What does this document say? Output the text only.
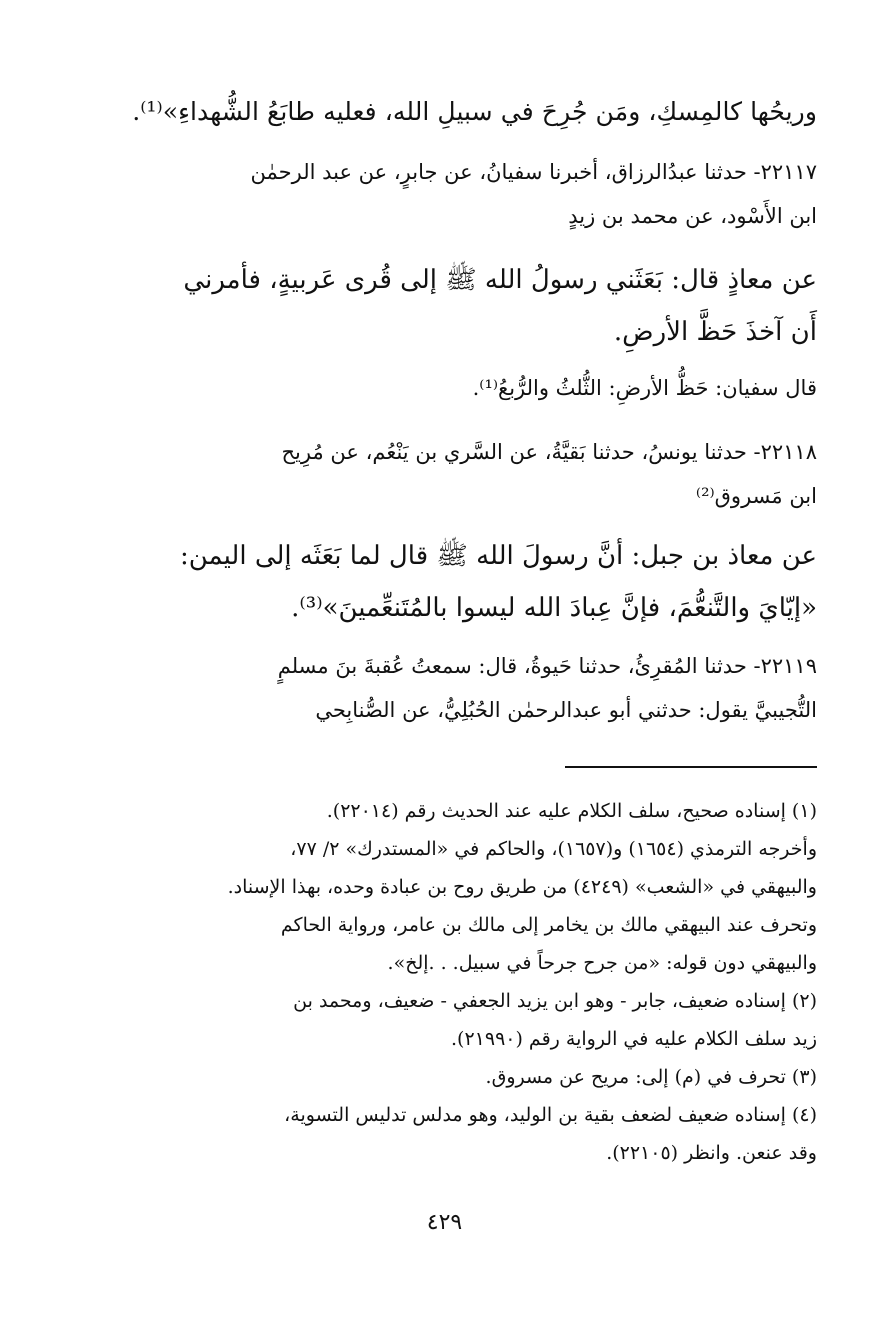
وريحُها كالمِسكِ، ومَن جُرِحَ في سبيلِ الله، فعليه طابَعُ الشُّهداءِ»⁽¹⁾.
٢٢١١٧- حدثنا عبدُالرزاق، أخبرنا سفيانُ، عن جابرٍ، عن عبد الرحمٰن
ابن الأَسْود، عن محمد بن زيدٍ
عن معاذٍ قال: بَعَثَني رسولُ الله ﷺ إلى قُرى عَربيةٍ، فأمرني
أَن آخذَ حَظَّ الأرضِ.
قال سفيان: حَظُّ الأرضِ: الثُّلثُ والرُّبعُ⁽¹⁾.
٢٢١١٨- حدثنا يونسُ، حدثنا بَقيَّةُ، عن السَّري بن يَنْعُم، عن مُرِيح
ابن مَسروق⁽²⁾
عن معاذ بن جبل: أنَّ رسولَ الله ﷺ قال لما بَعَثَه إلى اليمن:
«إيّايَ والتَّنعُّمَ، فإنَّ عِبادَ الله ليسوا بالمُتَنعِّمينَ»⁽³⁾.
٢٢١١٩- حدثنا المُقرِئُ، حدثنا حَيوةُ، قال: سمعتُ عُقبةَ بنَ مسلمٍ
التُّجيبيَّ يقول: حدثني أبو عبدالرحمٰن الحُبُلِيُّ، عن الصُّنابِحي
(١) إسناده صحيح، سلف الكلام عليه عند الحديث رقم (٢٢٠١٤).
وأخرجه الترمذي (١٦٥٤) و(١٦٥٧)، والحاكم في «المستدرك» ٢/ ٧٧،
والبيهقي في «الشعب» (٤٢٤٩) من طريق روح بن عبادة وحده، بهذا الإسناد.
وتحرف عند البيهقي مالك بن يخامر إلى مالك بن عامر، ورواية الحاكم
والبيهقي دون قوله: «من جرح جرحاً في سبيل. . .إلخ».
(٢) إسناده ضعيف، جابر - وهو ابن يزيد الجعفي - ضعيف، ومحمد بن
زيد سلف الكلام عليه في الرواية رقم (٢١٩٩٠).
(٣) تحرف في (م) إلى: مريح عن مسروق.
(٤) إسناده ضعيف لضعف بقية بن الوليد، وهو مدلس تدليس التسوية،
وقد عنعن. وانظر (٢٢١٠٥).
٤٢٩
